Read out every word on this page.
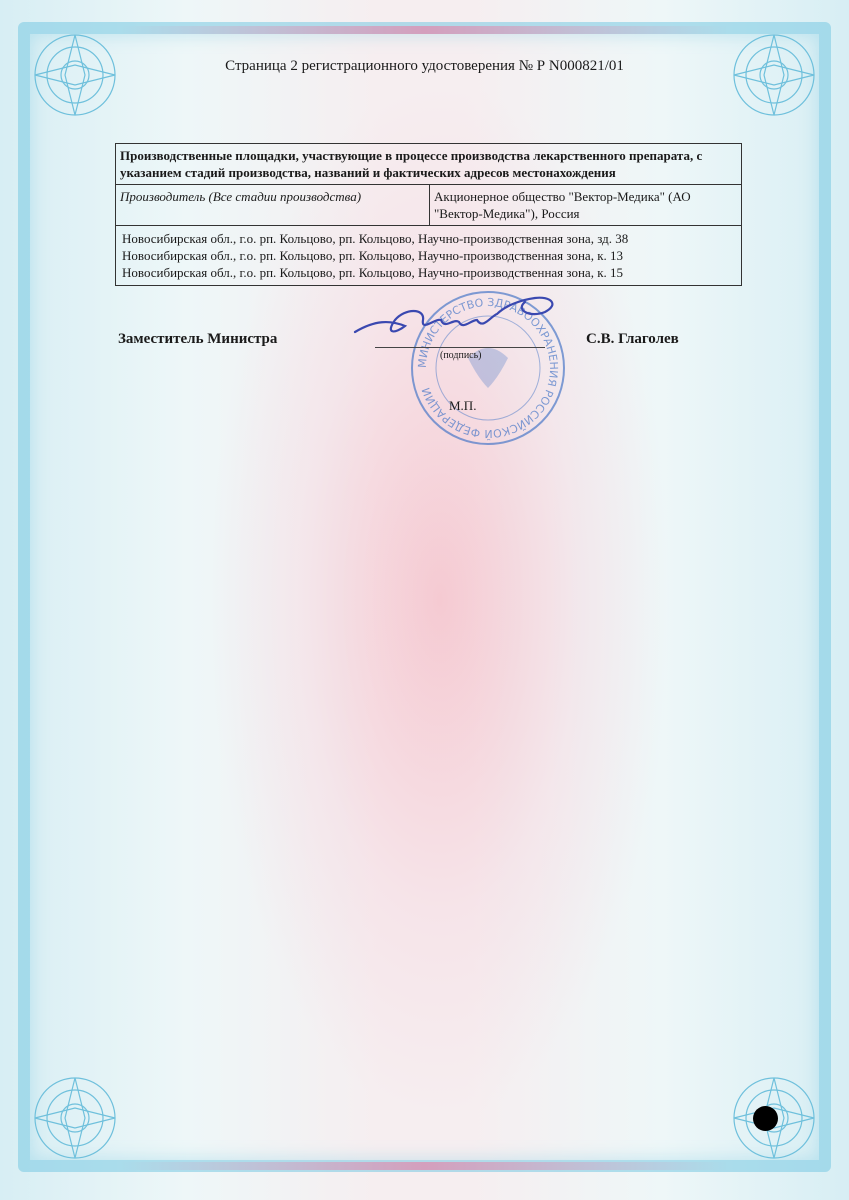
Страница 2 регистрационного удостоверения № Р N000821/01
Производственные площадки, участвующие в процессе производства лекарственного препарата, с указанием стадий производства, названий и фактических адресов местонахождения
Производитель (Все стадии производства)	Акционерное общество "Вектор-Медика" (АО "Вектор-Медика"), Россия

Новосибирская обл., г.о. рп. Кольцово, рп. Кольцово, Научно-производственная зона, зд. 38
Новосибирская обл., г.о. рп. Кольцово, рп. Кольцово, Научно-производственная зона, к. 13
Новосибирская обл., г.о. рп. Кольцово, рп. Кольцово, Научно-производственная зона, к. 15
МИНИСТЕРСТВО ЗДРАВООХРАНЕНИЯ РОССИЙСКОЙ ФЕДЕРАЦИИ
Заместитель Министра
(подпись)
С.В. Глаголев
М.П.
